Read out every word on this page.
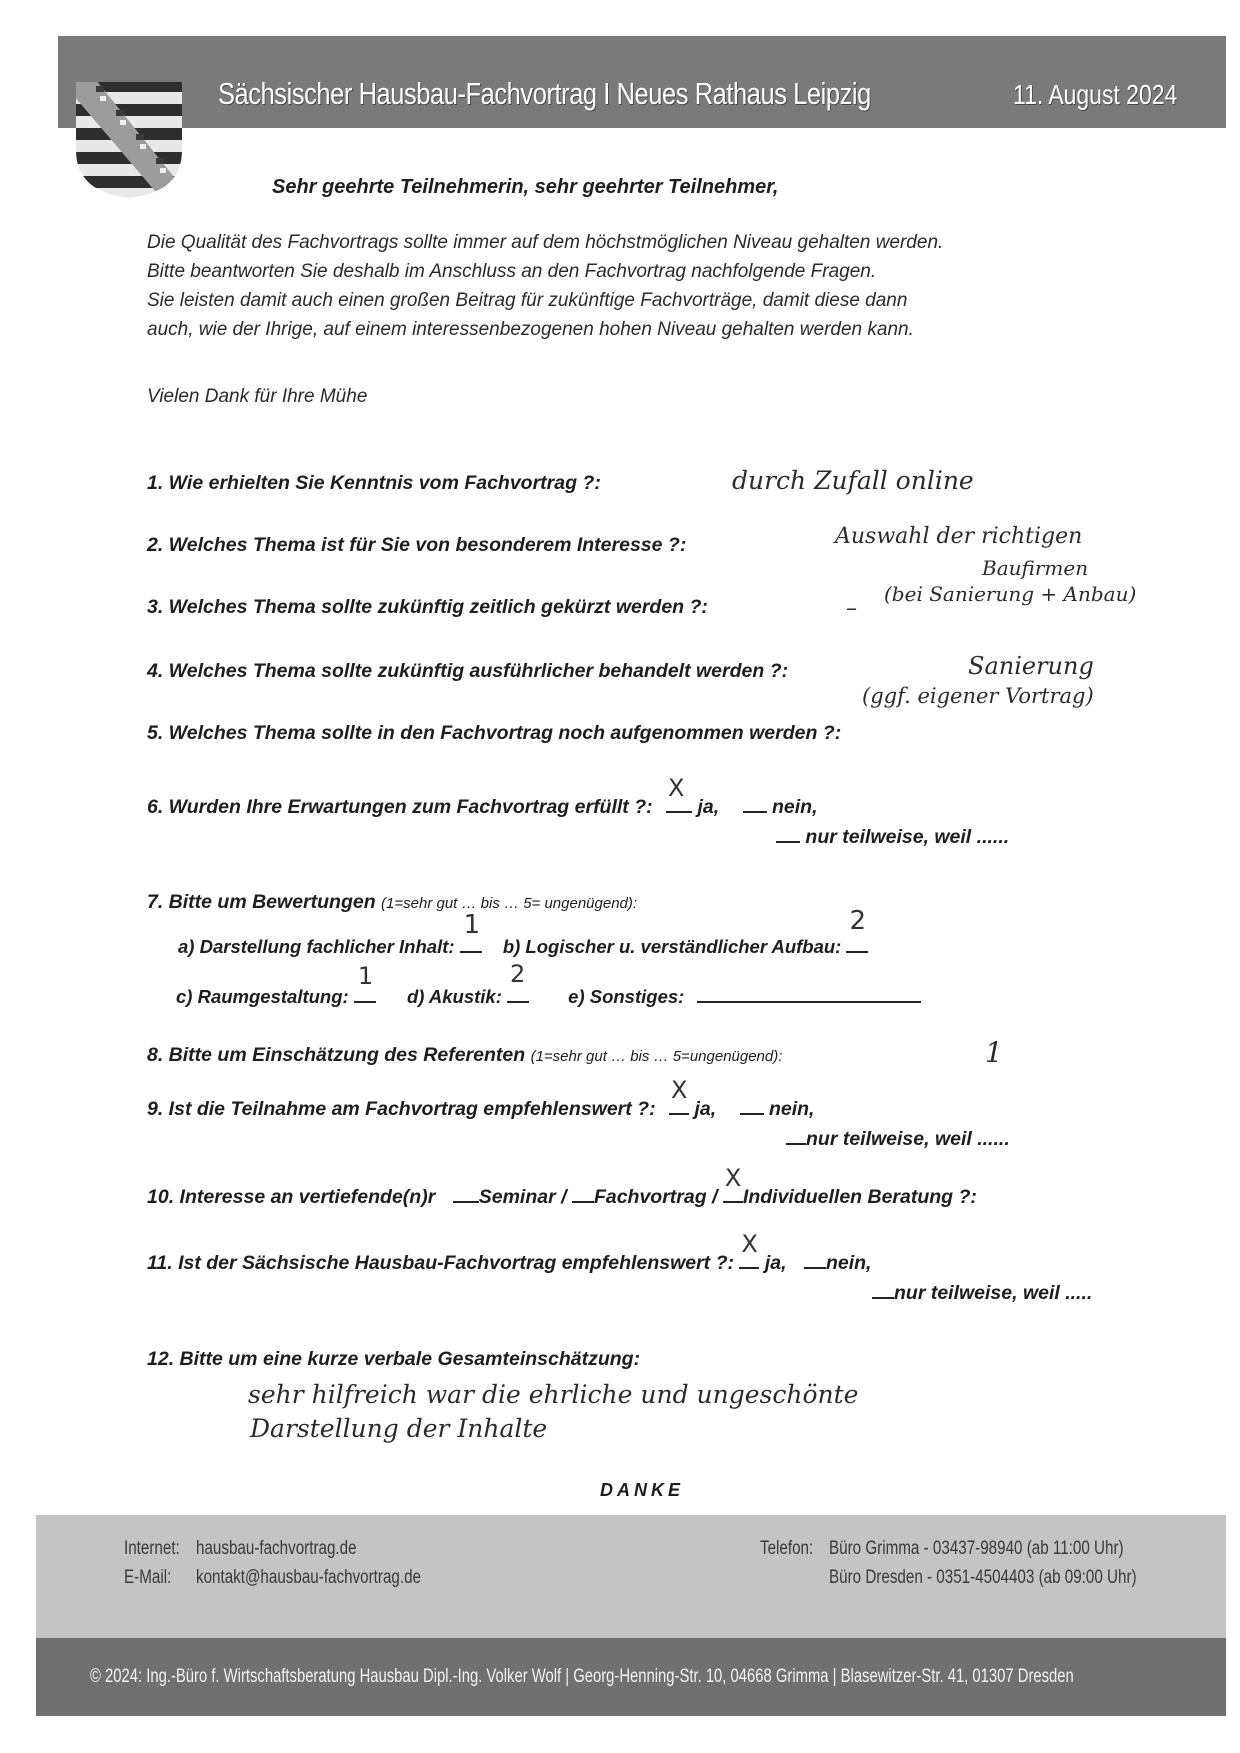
Sächsischer Hausbau-Fachvortrag I Neues Rathaus Leipzig	11. August 2024
Sehr geehrte Teilnehmerin, sehr geehrter Teilnehmer,
Die Qualität des Fachvortrags sollte immer auf dem höchstmöglichen Niveau gehalten werden.
Bitte beantworten Sie deshalb im Anschluss an den Fachvortrag nachfolgende Fragen.
Sie leisten damit auch einen großen Beitrag für zukünftige Fachvorträge, damit diese dann
auch, wie der Ihrige, auf einem interessenbezogenen hohen Niveau gehalten werden kann.
Vielen Dank für Ihre Mühe
1. Wie erhielten Sie Kenntnis vom Fachvortrag ?:	durch Zufall online
2. Welches Thema ist für Sie von besonderem Interesse ?:	Auswahl der richtigen
Baufirmen
(bei Sanierung + Anbau)
3. Welches Thema sollte zukünftig zeitlich gekürzt werden ?:	–
4. Welches Thema sollte zukünftig ausführlicher behandelt werden ?:	Sanierung
(ggf. eigener Vortrag)
5. Welches Thema sollte in den Fachvortrag noch aufgenommen werden ?:
6. Wurden Ihre Erwartungen zum Fachvortrag erfüllt ?:
X
ja,	nein,
nur teilweise, weil ......
7. Bitte um Bewertungen (1=sehr gut … bis … 5= ungenügend):
a) Darstellung fachlicher Inhalt:
1
b) Logischer u. verständlicher Aufbau:
2
c) Raumgestaltung:
1
d) Akustik:
2
e) Sonstiges:
8. Bitte um Einschätzung des Referenten (1=sehr gut … bis … 5=ungenügend):	1
9. Ist die Teilnahme am Fachvortrag empfehlenswert ?:
X
ja,	nein,
nur teilweise, weil ......
10. Interesse an vertiefende(n)r Seminar / Fachvortrag /
X
Individuellen Beratung ?:
11. Ist der Sächsische Hausbau-Fachvortrag empfehlenswert ?:
X
ja, nein,
nur teilweise, weil .....
12. Bitte um eine kurze verbale Gesamteinschätzung:
sehr hilfreich war die ehrliche und ungeschönte
Darstellung der Inhalte
DANKE
Internet: hausbau-fachvortrag.de
E-Mail: kontakt@hausbau-fachvortrag.de
Telefon: Büro Grimma - 03437-98940 (ab 11:00 Uhr)
Büro Dresden - 0351-4504403 (ab 09:00 Uhr)
© 2024: Ing.-Büro f. Wirtschaftsberatung Hausbau Dipl.-Ing. Volker Wolf | Georg-Henning-Str. 10, 04668 Grimma | Blasewitzer-Str. 41, 01307 Dresden
